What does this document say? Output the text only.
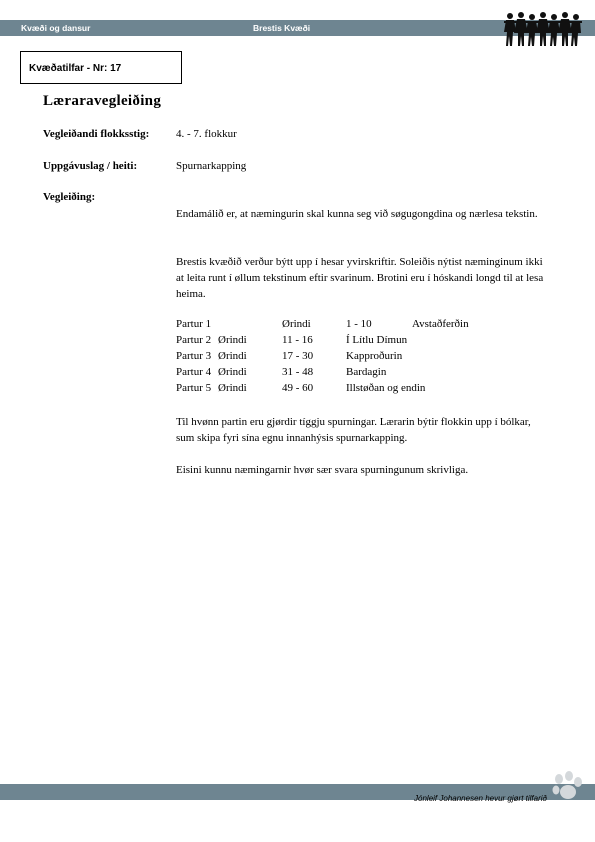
Kvæði og dansur	Brestis Kvæði
Kvæðatilfar - Nr: 17
Læraravegleiðing
Vegleiðandi flokksstig: 4. - 7. flokkur
Uppgávuslag / heiti:	Spurnarkapping
Vegleiðing:
Endamálið er, at næmingurin skal kunna seg við søgugongdina og nærlesa tekstin.
Brestis kvæðið verður býtt upp í hesar yvirskriftir. Soleiðis nýtist næminginum ikki at leita runt í øllum tekstinum eftir svarinum. Brotini eru í hóskandi longd til at lesa heima.
Partur 1	Ørindi	1 - 10	Avstaðferðin
Partur 2 Ørindi	11 - 16	Í Lítlu Dímun
Partur 3 Ørindi	17 - 30	Kapproðurin
Partur 4 Ørindi	31 - 48	Bardagin
Partur 5 Ørindi	49 - 60	Illstøðan og endin
Til hvønn partin eru gjørdir tíggju spurningar. Lærarin býtir flokkin upp í bólkar, sum skipa fyri sína egnu innanhýsis spurnarkapping.
Eisini kunnu næmingarnir hvør sær svara spurningunum skrivliga.
Jónleif Johannesen hevur gjørt tilfarið
